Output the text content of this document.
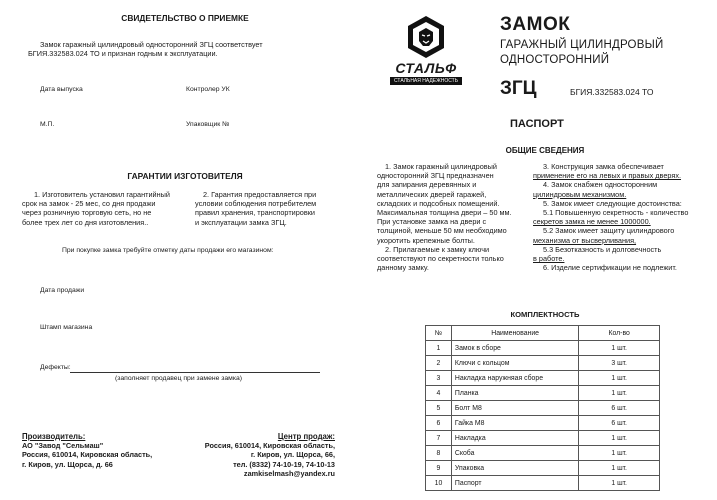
СВИДЕТЕЛЬСТВО О ПРИЕМКЕ
Замок гаражный цилиндровый односторонний ЗГЦ соответствует
БГИЯ.332583.024 ТО и признан годным к эксплуатации.
Дата выпуска	Контролер УК
М.П.	Упаковщик №
ГАРАНТИИ ИЗГОТОВИТЕЛЯ
1. Изготовитель установил гарантийный
срок на замок - 25 мес, со дня продажи
через розничную торговую сеть, но не
более трех лет со дня изготовления..
2. Гарантия предоставляется при
условии соблюдения потребителем
правил хранения, транспортировки
и эксплуатации замка ЗГЦ.
При покупке замка требуйте отметку даты продажи его магазином:
Дата продажи
Штамп магазина
Дефекты:
(заполняет продавец при замене замка)
Производитель:
АО "Завод "Сельмаш"
Россия, 610014, Кировская область,
г. Киров, ул. Щорса, д. 66
Центр продаж:
Россия, 610014, Кировская область,
г. Киров, ул. Щорса, 66,
тел. (8332) 74-10-19, 74-10-13
zamkiselmash@yandex.ru
СТАЛЬФ
СТАЛЬНАЯ НАДЕЖНОСТЬ
ЗАМОК
ГАРАЖНЫЙ ЦИЛИНДРОВЫЙ
ОДНОСТОРОННИЙ
ЗГЦ	БГИЯ.332583.024 ТО
ПАСПОРТ
ОБЩИЕ СВЕДЕНИЯ
1. Замок гаражный цилиндровый
односторонний ЗГЦ предназначен
для запирания деревянных и
металлических дверей гаражей,
складских и подсобных помещений.
Максимальная толщина двери – 50 мм.
При установке замка на двери с
толщиной, меньше 50 мм необходимо
укоротить крепежные болты.
2. Прилагаемые к замку ключи
соответствуют по секретности только
данному замку.
3. Конструкция замка обеспечивает
применение его на левых и правых дверях.
4. Замок снабжен односторонним
цилиндровым механизмом.
5. Замок имеет следующие достоинства:
5.1 Повышенную секретность - количество
секретов замка не менее 1000000.
5.2 Замок имеет защиту цилиндрового
механизма от высверливания,
5.3 Безотказность и долговечность
в работе.
6. Изделие сертификации не подлежит.
КОМПЛЕКТНОСТЬ
№	Наименование	Кол-во
1	Замок в сборе	1 шт.
2	Ключи с кольцом	3 шт.
3	Накладка наружняая сборе	1 шт.
4	Планка	1 шт.
5	Болт М8	6 шт.
6	Гайка М8	6 шт.
7	Накладка	1 шт.
8	Скоба	1 шт.
9	Упаковка	1 шт.
10	Паспорт	1 шт.
